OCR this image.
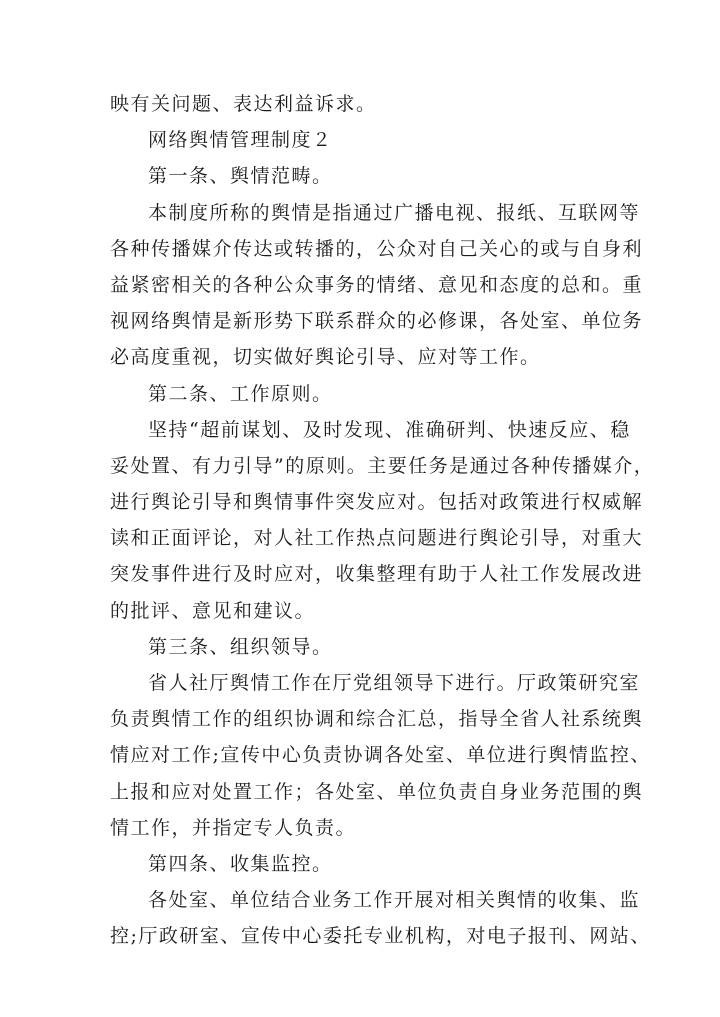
映有关问题、表达利益诉求。
网络舆情管理制度２
第一条、舆情范畴。
本制度所称的舆情是指通过广播电视、报纸、互联网等
各种传播媒介传达或转播的，公众对自己关心的或与自身利
益紧密相关的各种公众事务的情绪、意见和态度的总和。重
视网络舆情是新形势下联系群众的必修课，各处室、单位务
必高度重视，切实做好舆论引导、应对等工作。
第二条、工作原则。
坚持“超前谋划、及时发现、准确研判、快速反应、稳
妥处置、有力引导”的原则。主要任务是通过各种传播媒介，
进行舆论引导和舆情事件突发应对。包括对政策进行权威解
读和正面评论，对人社工作热点问题进行舆论引导，对重大
突发事件进行及时应对，收集整理有助于人社工作发展改进
的批评、意见和建议。
第三条、组织领导。
省人社厅舆情工作在厅党组领导下进行。厅政策研究室
负责舆情工作的组织协调和综合汇总，指导全省人社系统舆
情应对工作;宣传中心负责协调各处室、单位进行舆情监控、
上报和应对处置工作；各处室、单位负责自身业务范围的舆
情工作，并指定专人负责。
第四条、收集监控。
各处室、单位结合业务工作开展对相关舆情的收集、监
控;厅政研室、宣传中心委托专业机构，对电子报刊、网站、
